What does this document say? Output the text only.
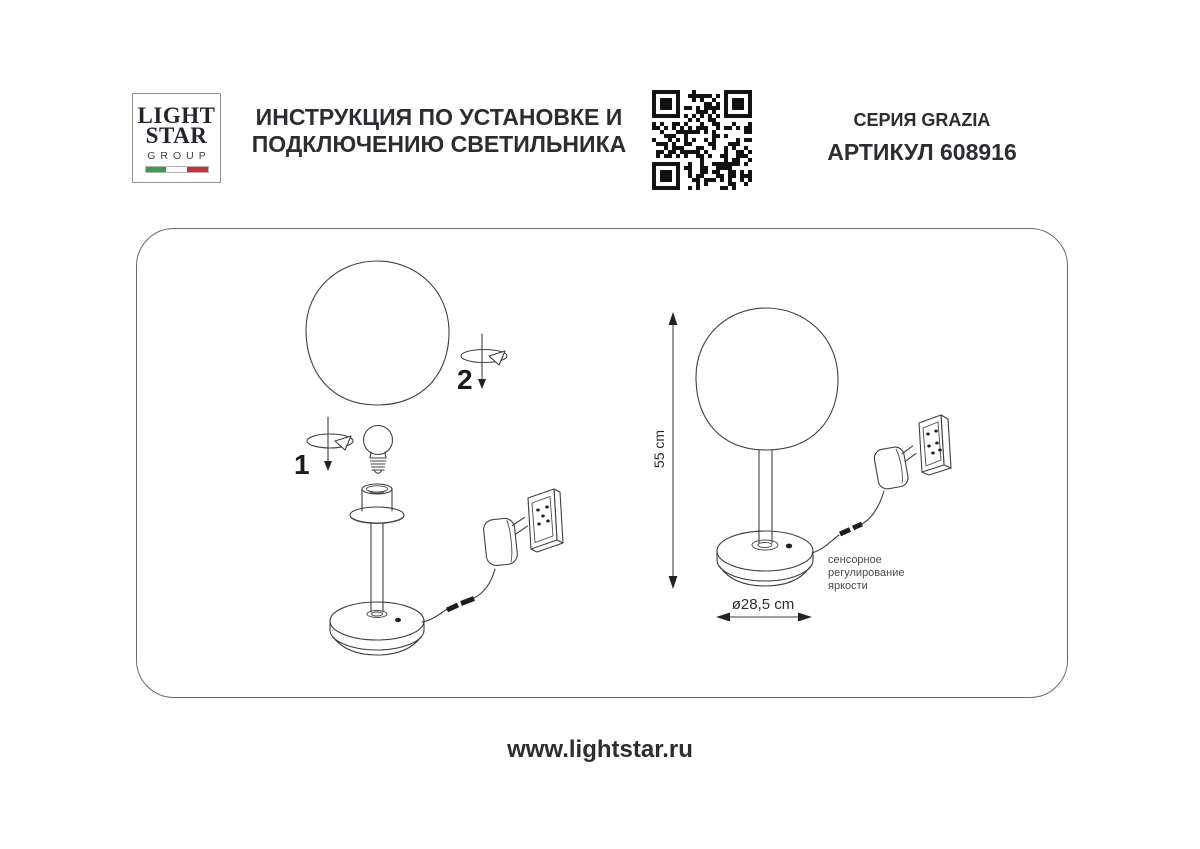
LIGHT
STAR
GROUP
ИНСТРУКЦИЯ ПО УСТАНОВКЕ И
ПОДКЛЮЧЕНИЮ СВЕТИЛЬНИКА
СЕРИЯ GRAZIA
АРТИКУЛ 608916
2
1	55 cm
сенсорное
регулирование
яркости
ø28,5 cm
www.lightstar.ru
